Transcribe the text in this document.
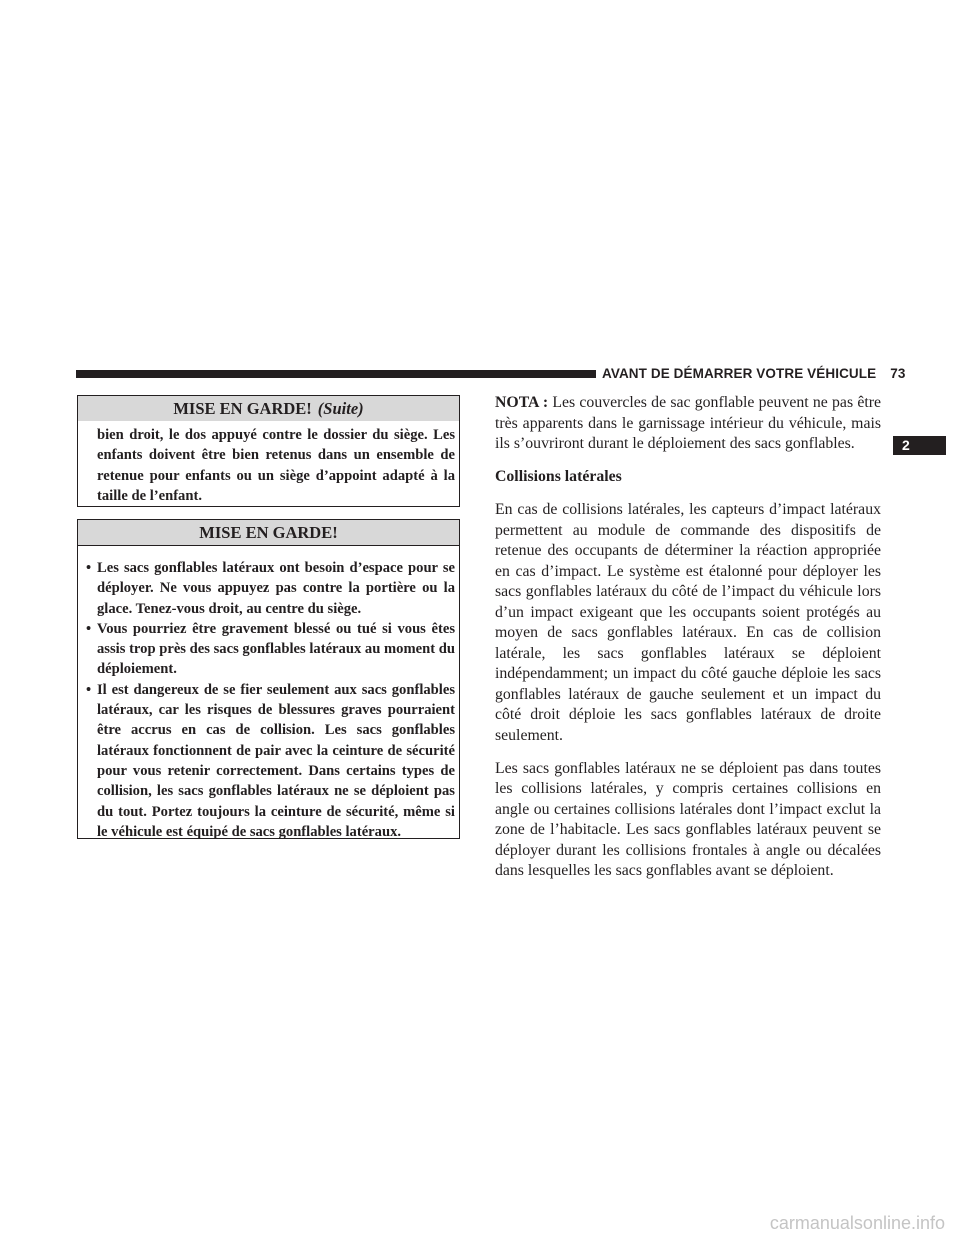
AVANT DE DÉMARRER VOTRE VÉHICULE 73
2
MISE EN GARDE! (Suite)
bien droit, le dos appuyé contre le dossier du siège. Les enfants doivent être bien retenus dans un ensemble de retenue pour enfants ou un siège d’appoint adapté à la taille de l’enfant.
MISE EN GARDE!
• Les sacs gonflables latéraux ont besoin d’espace pour se déployer. Ne vous appuyez pas contre la portière ou la glace. Tenez-vous droit, au centre du siège.
• Vous pourriez être gravement blessé ou tué si vous êtes assis trop près des sacs gonflables latéraux au moment du déploiement.
• Il est dangereux de se fier seulement aux sacs gonflables latéraux, car les risques de blessures graves pourraient être accrus en cas de collision. Les sacs gonflables latéraux fonctionnent de pair avec la ceinture de sécurité pour vous retenir correctement. Dans certains types de collision, les sacs gonflables latéraux ne se déploient pas du tout. Portez toujours la ceinture de sécurité, même si le véhicule est équipé de sacs gonflables latéraux.

NOTA : Les couvercles de sac gonflable peuvent ne pas être très apparents dans le garnissage intérieur du véhicule, mais ils s’ouvriront durant le déploiement des sacs gonflables.

Collisions latérales

En cas de collisions latérales, les capteurs d’impact latéraux permettent au module de commande des dispositifs de retenue des occupants de déterminer la réaction appropriée en cas d’impact. Le système est étalonné pour déployer les sacs gonflables latéraux du côté de l’impact du véhicule lors d’un impact exigeant que les occupants soient protégés au moyen de sacs gonflables latéraux. En cas de collision latérale, les sacs gonflables latéraux se déploient indépendamment; un impact du côté gauche déploie les sacs gonflables latéraux de gauche seulement et un impact du côté droit déploie les sacs gonflables latéraux de droite seulement.

Les sacs gonflables latéraux ne se déploient pas dans toutes les collisions latérales, y compris certaines collisions en angle ou certaines collisions latérales dont l’impact exclut la zone de l’habitacle. Les sacs gonflables latéraux peuvent se déployer durant les collisions frontales à angle ou décalées dans lesquelles les sacs gonflables avant se déploient.

carmanualsonline.info
